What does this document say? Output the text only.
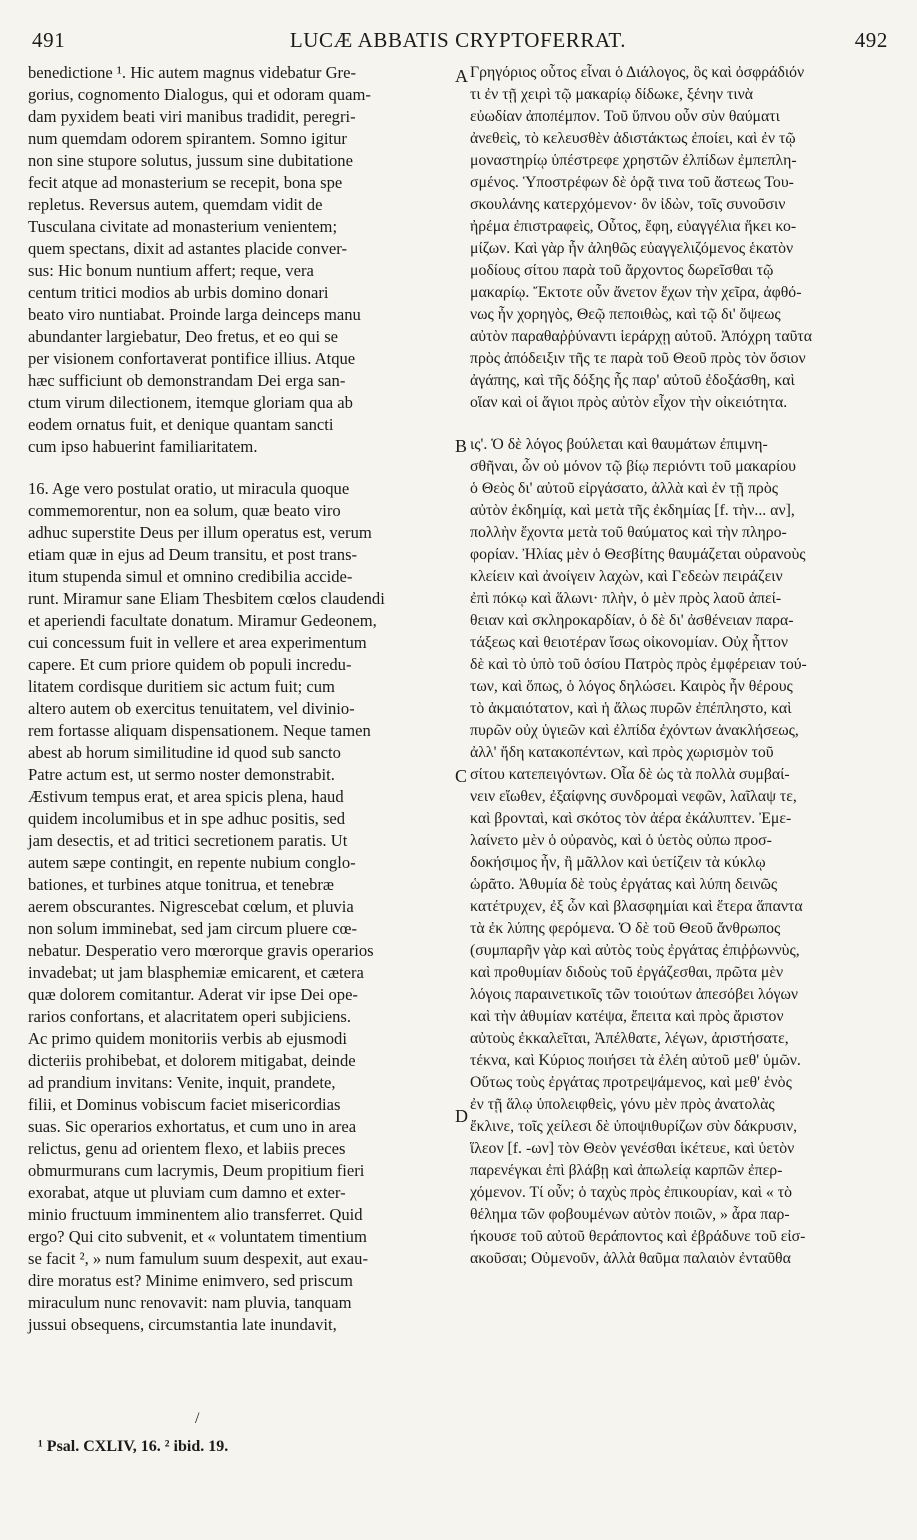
491	LUCÆ ABBATIS CRYPTOFERRAT.	492

benedictione ¹. Hic autem magnus videbatur Gre-

gorius, cognomento Dialogus, qui et odoram quam-

dam pyxidem beati viri manibus tradidit, peregri-

num quemdam odorem spirantem. Somno igitur

non sine stupore solutus, jussum sine dubitatione

fecit atque ad monasterium se recepit, bona spe

repletus. Reversus autem, quemdam vidit de

Tusculana civitate ad monasterium venientem;

quem spectans, dixit ad astantes placide conver-

sus: Hic bonum nuntium affert; reque, vera

centum tritici modios ab urbis domino donari

beato viro nuntiabat. Proinde larga deinceps manu

abundanter largiebatur, Deo fretus, et eo qui se

per visionem confortaverat pontifice illius. Atque

hæc sufficiunt ob demonstrandam Dei erga san-

ctum virum dilectionem, itemque gloriam qua ab

eodem ornatus fuit, et denique quantam sancti

cum ipso habuerint familiaritatem.

16. Age vero postulat oratio, ut miracula quoque

commemorentur, non ea solum, quæ beato viro

adhuc superstite Deus per illum operatus est, verum

etiam quæ in ejus ad Deum transitu, et post trans-

itum stupenda simul et omnino credibilia accide-

runt. Miramur sane Eliam Thesbitem cœlos claudendi

et aperiendi facultate donatum. Miramur Gedeonem,

cui concessum fuit in vellere et area experimentum

capere. Et cum priore quidem ob populi incredu-

litatem cordisque duritiem sic actum fuit; cum

altero autem ob exercitus tenuitatem, vel divinio-

rem fortasse aliquam dispensationem. Neque tamen

abest ab horum similitudine id quod sub sancto

Patre actum est, ut sermo noster demonstrabit.

Æstivum tempus erat, et area spicis plena, haud

quidem incolumibus et in spe adhuc positis, sed

jam desectis, et ad tritici secretionem paratis. Ut

autem sæpe contingit, en repente nubium conglo-

bationes, et turbines atque tonitrua, et tenebræ

aerem obscurantes. Nigrescebat cœlum, et pluvia

non solum imminebat, sed jam circum pluere cœ-

nebatur. Desperatio vero mœrorque gravis operarios

invadebat; ut jam blasphemiæ emicarent, et cætera

quæ dolorem comitantur. Aderat vir ipse Dei ope-

rarios confortans, et alacritatem operi subjiciens.

Ac primo quidem monitoriis verbis ab ejusmodi

dicteriis prohibebat, et dolorem mitigabat, deinde

ad prandium invitans: Venite, inquit, prandete,

filii, et Dominus vobiscum faciet misericordias

suas. Sic operarios exhortatus, et cum uno in area

relictus, genu ad orientem flexo, et labiis preces

obmurmurans cum lacrymis, Deum propitium fieri

exorabat, atque ut pluviam cum damno et exter-

minio fructuum imminentem alio transferret. Quid

ergo? Qui cito subvenit, et « voluntatem timentium

se facit ², » num famulum suum despexit, aut exau-

dire moratus est? Minime enimvero, sed priscum

miraculum nunc renovavit: nam pluvia, tanquam

jussui obsequens, circumstantia late inundavit,

Γρηγόριος οὗτος εἶναι ὁ Διάλογος, ὃς καὶ ὀσφράδιόν

τι ἐν τῇ χειρὶ τῷ μακαρίῳ δίδωκε, ξένην τινὰ

εὐωδίαν ἀποπέμπον. Τοῦ ὕπνου οὖν σὺν θαύματι

ἀνεθεὶς, τὸ κελευσθὲν ἀδιστάκτως ἐποίει, καὶ ἐν τῷ

μοναστηρίῳ ὑπέστρεφε χρηστῶν ἐλπίδων ἐμπεπλη-

σμένος. Ὑποστρέφων δὲ ὁρᾷ τινα τοῦ ἄστεως Του-

σκουλάνης κατερχόμενον· ὃν ἰδὼν, τοῖς συνοῦσιν

ἠρέμα ἐπιστραφεὶς, Οὗτος, ἔφη, εὐαγγέλια ἥκει κο-

μίζων. Καὶ γὰρ ἦν ἀληθῶς εὐαγγελιζόμενος ἑκατὸν

μοδίους σίτου παρὰ τοῦ ἄρχοντος δωρεῖσθαι τῷ

μακαρίῳ. Ἔκτοτε οὖν ἄνετον ἔχων τὴν χεῖρα, ἀφθό-

νως ἦν χορηγὸς, Θεῷ πεποιθὼς, καὶ τῷ δι' ὄψεως

αὐτὸν παραθαῤῥύναντι ἱεράρχῃ αὐτοῦ. Ἀπόχρη ταῦτα

πρὸς ἀπόδειξιν τῆς τε παρὰ τοῦ Θεοῦ πρὸς τὸν ὅσιον

ἀγάπης, καὶ τῆς δόξης ἧς παρ' αὐτοῦ ἐδοξάσθη, καὶ

οἵαν καὶ οἱ ἅγιοι πρὸς αὐτὸν εἶχον τὴν οἰκειότητα.

ις'. Ὁ δὲ λόγος βούλεται καὶ θαυμάτων ἐπιμνη-

σθῆναι, ὧν οὐ μόνον τῷ βίῳ περιόντι τοῦ μακαρίου

ὁ Θεὸς δι' αὐτοῦ εἰργάσατο, ἀλλὰ καὶ ἐν τῇ πρὸς

αὐτὸν ἐκδημίᾳ, καὶ μετὰ τῆς ἐκδημίας [f. τὴν... αν],

πολλὴν ἔχοντα μετὰ τοῦ θαύματος καὶ τὴν πληρο-

φορίαν. Ἠλίας μὲν ὁ Θεσβίτης θαυμάζεται οὐρανοὺς

κλείειν καὶ ἀνοίγειν λαχὼν, καὶ Γεδεὼν πειράζειν

ἐπὶ πόκῳ καὶ ἅλωνι· πλὴν, ὁ μὲν πρὸς λαοῦ ἀπεί-

θειαν καὶ σκληροκαρδίαν, ὁ δὲ δι' ἀσθένειαν παρα-

τάξεως καὶ θειοτέραν ἴσως οἰκονομίαν. Οὐχ ἧττον

δὲ καὶ τὸ ὑπὸ τοῦ ὁσίου Πατρὸς πρὸς ἐμφέρειαν τού-

των, καὶ ὅπως, ὁ λόγος δηλώσει. Καιρὸς ἦν θέρους

τὸ ἀκμαιότατον, καὶ ἡ ἅλως πυρῶν ἐπέπληστο, καὶ

πυρῶν οὐχ ὑγιεῶν καὶ ἐλπίδα ἐχόντων ἀνακλήσεως,

ἀλλ' ἤδη κατακοπέντων, καὶ πρὸς χωρισμὸν τοῦ

σίτου κατεπειγόντων. Οἷα δὲ ὡς τὰ πολλὰ συμβαί-

νειν εἴωθεν, ἐξαίφνης συνδρομαὶ νεφῶν, λαῖλαψ τε,

καὶ βρονταὶ, καὶ σκότος τὸν ἀέρα ἐκάλυπτεν. Ἐμε-

λαίνετο μὲν ὁ οὐρανὸς, καὶ ὁ ὑετὸς οὐπω προσ-

δοκήσιμος ἦν, ἢ μᾶλλον καὶ ὑετίζειν τὰ κύκλῳ

ὡρᾶτο. Ἀθυμία δὲ τοὺς ἐργάτας καὶ λύπη δεινῶς

κατέτρυχεν, ἐξ ὧν καὶ βλασφημίαι καὶ ἕτερα ἅπαντα

τὰ ἐκ λύπης φερόμενα. Ὁ δὲ τοῦ Θεοῦ ἄνθρωπος

(συμπαρῆν γὰρ καὶ αὐτὸς τοὺς ἐργάτας ἐπιῤῥωννὺς,

καὶ προθυμίαν διδοὺς τοῦ ἐργάζεσθαι, πρῶτα μὲν

λόγοις παραινετικοῖς τῶν τοιούτων ἀπεσόβει λόγων

καὶ τὴν ἀθυμίαν κατέψα, ἔπειτα καὶ πρὸς ἄριστον

αὐτοὺς ἐκκαλεῖται, Ἀπέλθατε, λέγων, ἀριστήσατε,

τέκνα, καὶ Κύριος ποιήσει τὰ ἐλέη αὐτοῦ μεθ' ὑμῶν.

Οὕτως τοὺς ἐργάτας προτρεψάμενος, καὶ μεθ' ἑνὸς

ἐν τῇ ἅλῳ ὑπολειφθεὶς, γόνυ μὲν πρὸς ἀνατολὰς

ἔκλινε, τοῖς χείλεσι δὲ ὑποψιθυρίζων σὺν δάκρυσιν,

ἵλεον [f. -ων] τὸν Θεὸν γενέσθαι ἱκέτευε, καὶ ὑετὸν

παρενέγκαι ἐπὶ βλάβῃ καὶ ἀπωλείᾳ καρπῶν ἐπερ-

χόμενον. Τί οὖν; ὁ ταχὺς πρὸς ἐπικουρίαν, καὶ « τὸ

θέλημα τῶν φοβουμένων αὐτὸν ποιῶν, » ἆρα παρ-

ήκουσε τοῦ αὐτοῦ θεράποντος καὶ ἐβράδυνε τοῦ εἰσ-

ακοῦσαι; Οὐμενοῦν, ἀλλὰ θαῦμα παλαιὸν ἐνταῦθα

A
B
C
D
/
¹ Psal. CXLIV, 16. ² ibid. 19.
